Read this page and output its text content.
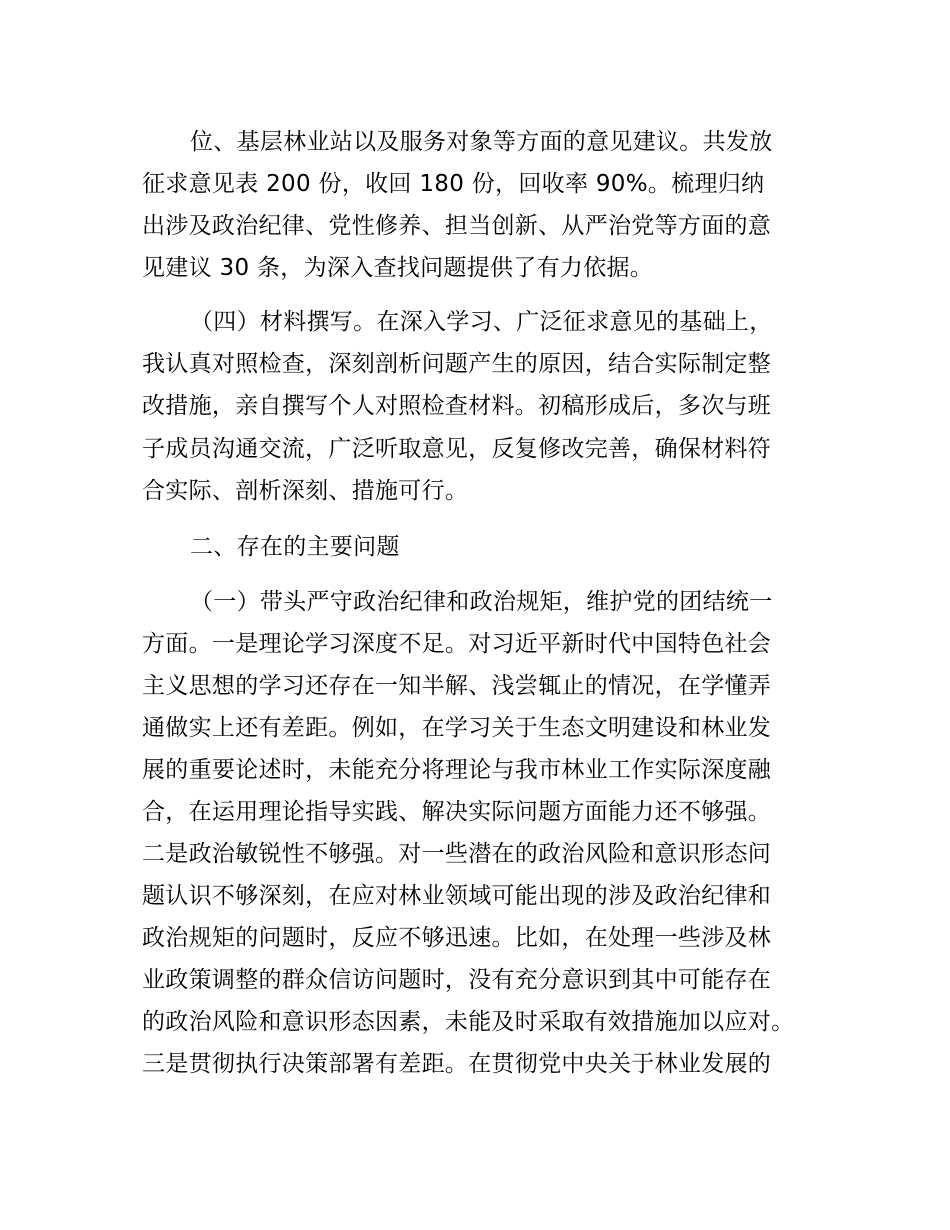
位、基层林业站以及服务对象等方面的意见建议。共发放
征求意见表 200 份，收回 180 份，回收率 90%。梳理归纳
出涉及政治纪律、党性修养、担当创新、从严治党等方面的意
见建议 30 条，为深入查找问题提供了有力依据。
（四）材料撰写。在深入学习、广泛征求意见的基础上，
我认真对照检查，深刻剖析问题产生的原因，结合实际制定整
改措施，亲自撰写个人对照检查材料。初稿形成后，多次与班
子成员沟通交流，广泛听取意见，反复修改完善，确保材料符
合实际、剖析深刻、措施可行。
二、存在的主要问题
（一）带头严守政治纪律和政治规矩，维护党的团结统一
方面。一是理论学习深度不足。对习近平新时代中国特色社会
主义思想的学习还存在一知半解、浅尝辄止的情况，在学懂弄
通做实上还有差距。例如，在学习关于生态文明建设和林业发
展的重要论述时，未能充分将理论与我市林业工作实际深度融
合，在运用理论指导实践、解决实际问题方面能力还不够强。
二是政治敏锐性不够强。对一些潜在的政治风险和意识形态问
题认识不够深刻，在应对林业领域可能出现的涉及政治纪律和
政治规矩的问题时，反应不够迅速。比如，在处理一些涉及林
业政策调整的群众信访问题时，没有充分意识到其中可能存在
的政治风险和意识形态因素，未能及时采取有效措施加以应对。
三是贯彻执行决策部署有差距。在贯彻党中央关于林业发展的
